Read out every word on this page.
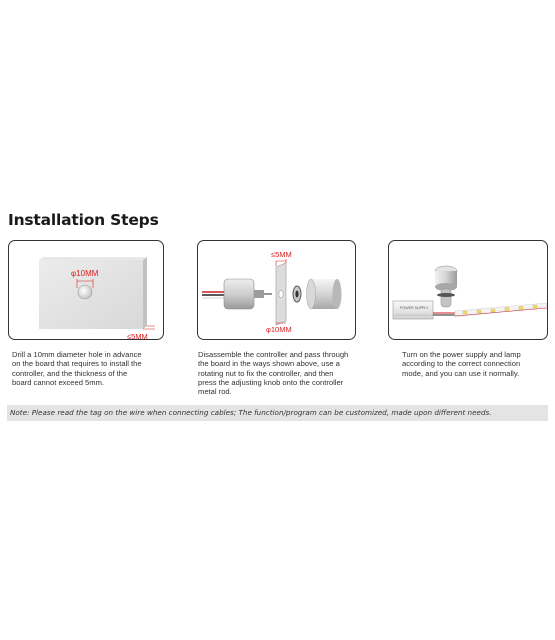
Installation Steps
φ10MM
≤5MM
≤5MM
φ10MM
POWER SUPPLY

Drill a 10mm diameter hole in advance
on the board that requires to install the
controller, and the thickness of the
board cannot exceed 5mm.

Disassemble the controller and pass through
the board in the ways shown above, use a
rotating nut to fix the controller, and then
press the adjusting knob onto the controller
metal rod.

Turn on the power supply and lamp
according to the correct connection
mode, and you can use it normally.

Note: Please read the tag on the wire when connecting cables; The function/program can be customized, made upon different needs.
